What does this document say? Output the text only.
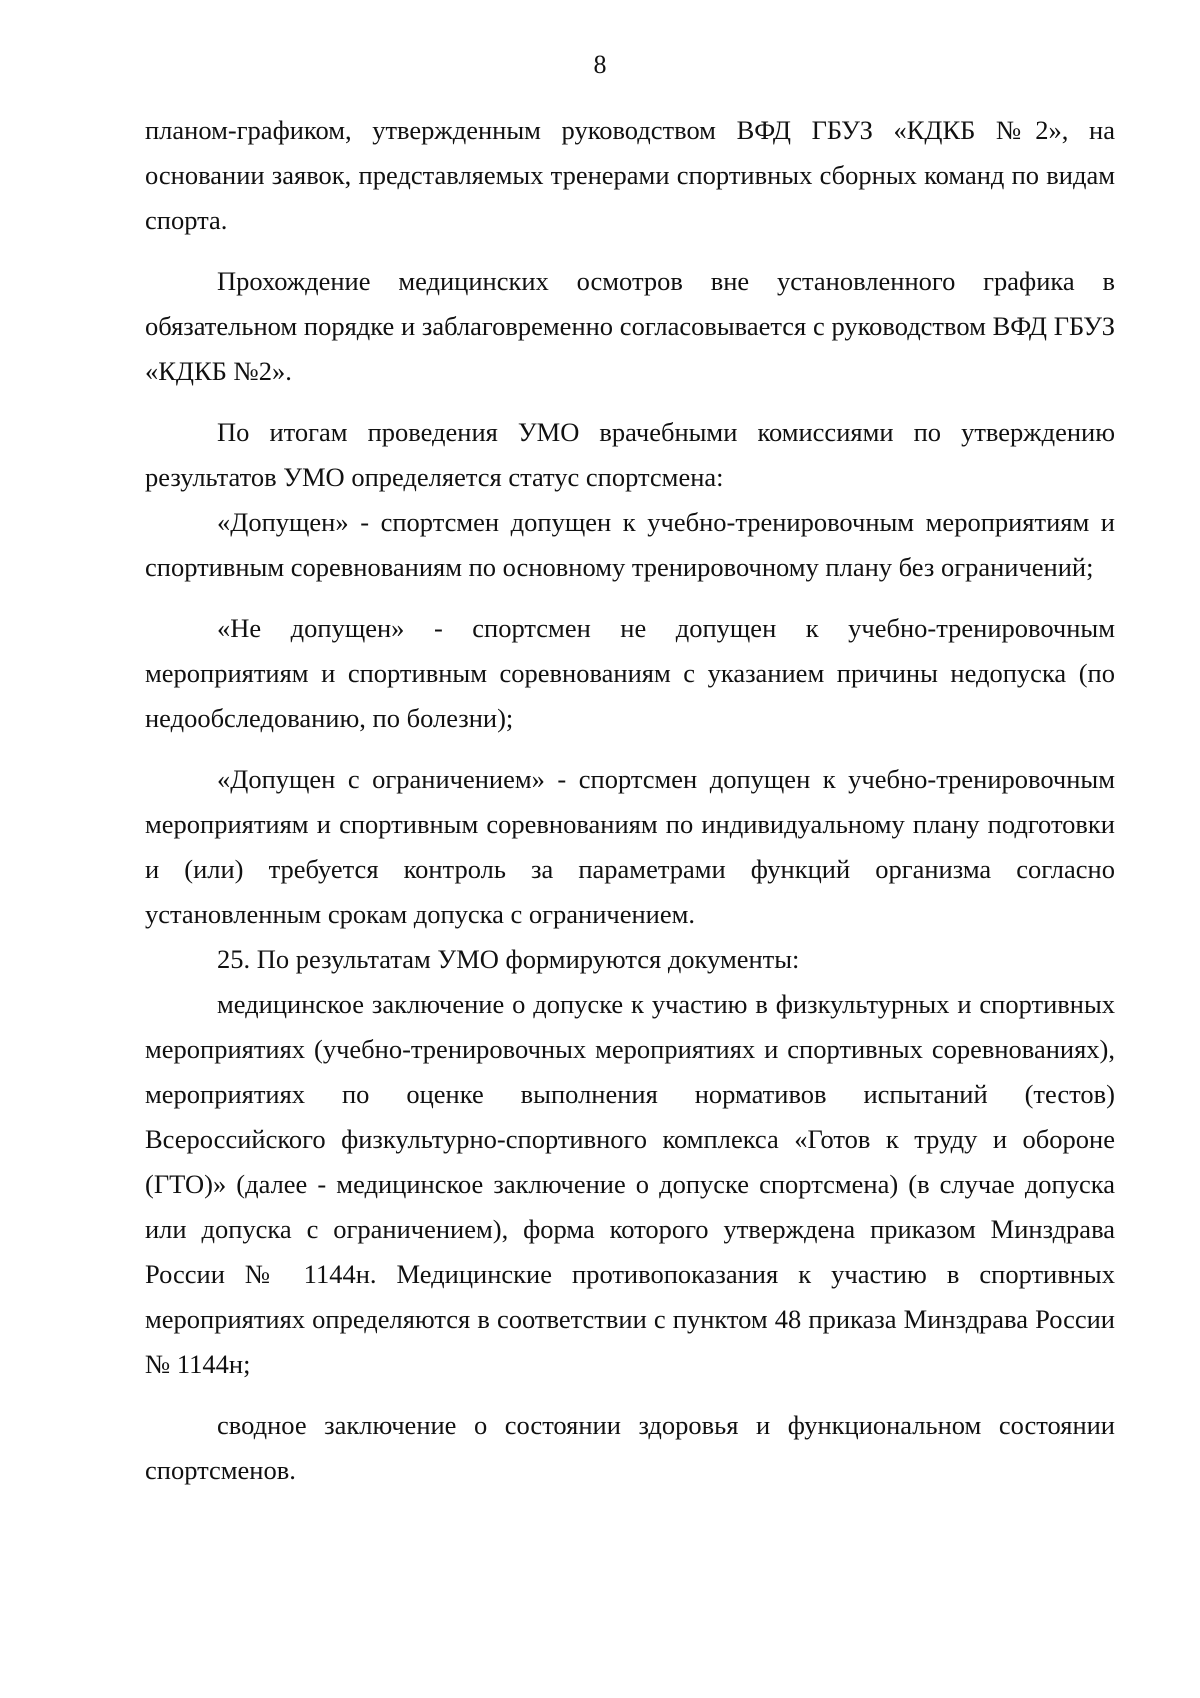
8

планом-графиком, утвержденным руководством ВФД ГБУЗ «КДКБ №2», на основании заявок, представляемых тренерами спортивных сборных команд по видам спорта.

Прохождение медицинских осмотров вне установленного графика в обязательном порядке и заблаговременно согласовывается с руководством ВФД ГБУЗ «КДКБ №2».

По итогам проведения УМО врачебными комиссиями по утверждению результатов УМО определяется статус спортсмена:

«Допущен» - спортсмен допущен к учебно-тренировочным мероприятиям и спортивным соревнованиям по основному тренировочному плану без ограничений;

«Не допущен» - спортсмен не допущен к учебно-тренировочным мероприятиям и спортивным соревнованиям с указанием причины недопуска (по недообследованию, по болезни);

«Допущен с ограничением» - спортсмен допущен к учебно-тренировочным мероприятиям и спортивным соревнованиям по индивидуальному плану подготовки и (или) требуется контроль за параметрами функций организма согласно установленным срокам допуска с ограничением.

25. По результатам УМО формируются документы:

медицинское заключение о допуске к участию в физкультурных и спортивных мероприятиях (учебно-тренировочных мероприятиях и спортивных соревнованиях), мероприятиях по оценке выполнения нормативов испытаний (тестов) Всероссийского физкультурно-спортивного комплекса «Готов к труду и обороне (ГТО)» (далее - медицинское заключение о допуске спортсмена) (в случае допуска или допуска с ограничением), форма которого утверждена приказом Минздрава России № 1144н. Медицинские противопоказания к участию в спортивных мероприятиях определяются в соответствии с пунктом 48 приказа Минздрава России № 1144н;

сводное заключение о состоянии здоровья и функциональном состоянии спортсменов.
